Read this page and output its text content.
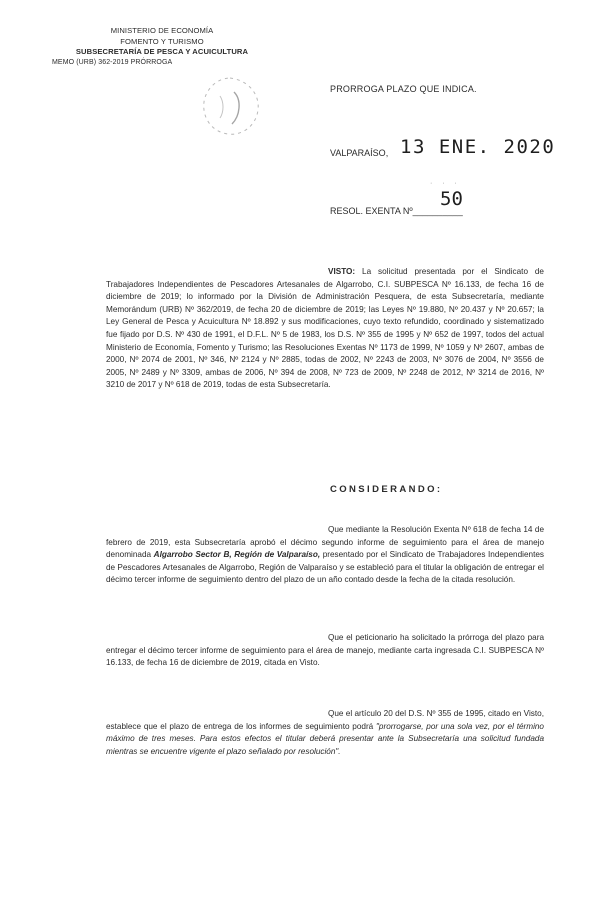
MINISTERIO DE ECONOMÍA
FOMENTO Y TURISMO
SUBSECRETARÍA DE PESCA Y ACUICULTURA
MEMO (URB) 362-2019 PRÓRROGA
PRORROGA PLAZO QUE INDICA.
VALPARAÍSO, 13 ENE. 2020
· · ·
50
RESOL. EXENTA Nº__________
VISTO: La solicitud presentada por el Sindicato de Trabajadores Independientes de Pescadores Artesanales de Algarrobo, C.I. SUBPESCA Nº 16.133, de fecha 16 de diciembre de 2019; lo informado por la División de Administración Pesquera, de esta Subsecretaría, mediante Memorándum (URB) Nº 362/2019, de fecha 20 de diciembre de 2019; las Leyes Nº 19.880, Nº 20.437 y Nº 20.657; la Ley General de Pesca y Acuicultura Nº 18.892 y sus modificaciones, cuyo texto refundido, coordinado y sistematizado fue fijado por D.S. Nº 430 de 1991, el D.F.L. Nº 5 de 1983, los D.S. Nº 355 de 1995 y Nº 652 de 1997, todos del actual Ministerio de Economía, Fomento y Turismo; las Resoluciones Exentas Nº 1173 de 1999, Nº 1059 y Nº 2607, ambas de 2000, Nº 2074 de 2001, Nº 346, Nº 2124 y Nº 2885, todas de 2002, Nº 2243 de 2003, Nº 3076 de 2004, Nº 3556 de 2005, Nº 2489 y Nº 3309, ambas de 2006, Nº 394 de 2008, Nº 723 de 2009, Nº 2248 de 2012, Nº 3214 de 2016, Nº 3210 de 2017 y Nº 618 de 2019, todas de esta Subsecretaría.
CONSIDERANDO:
Que mediante la Resolución Exenta Nº 618 de fecha 14 de febrero de 2019, esta Subsecretaría aprobó el décimo segundo informe de seguimiento para el área de manejo denominada Algarrobo Sector B, Región de Valparaíso, presentado por el Sindicato de Trabajadores Independientes de Pescadores Artesanales de Algarrobo, Región de Valparaíso y se estableció para el titular la obligación de entregar el décimo tercer informe de seguimiento dentro del plazo de un año contado desde la fecha de la citada resolución.
Que el peticionario ha solicitado la prórroga del plazo para entregar el décimo tercer informe de seguimiento para el área de manejo, mediante carta ingresada C.I. SUBPESCA Nº 16.133, de fecha 16 de diciembre de 2019, citada en Visto.
Que el artículo 20 del D.S. Nº 355 de 1995, citado en Visto, establece que el plazo de entrega de los informes de seguimiento podrá "prorrogarse, por una sola vez, por el término máximo de tres meses. Para estos efectos el titular deberá presentar ante la Subsecretaría una solicitud fundada mientras se encuentre vigente el plazo señalado por resolución".
